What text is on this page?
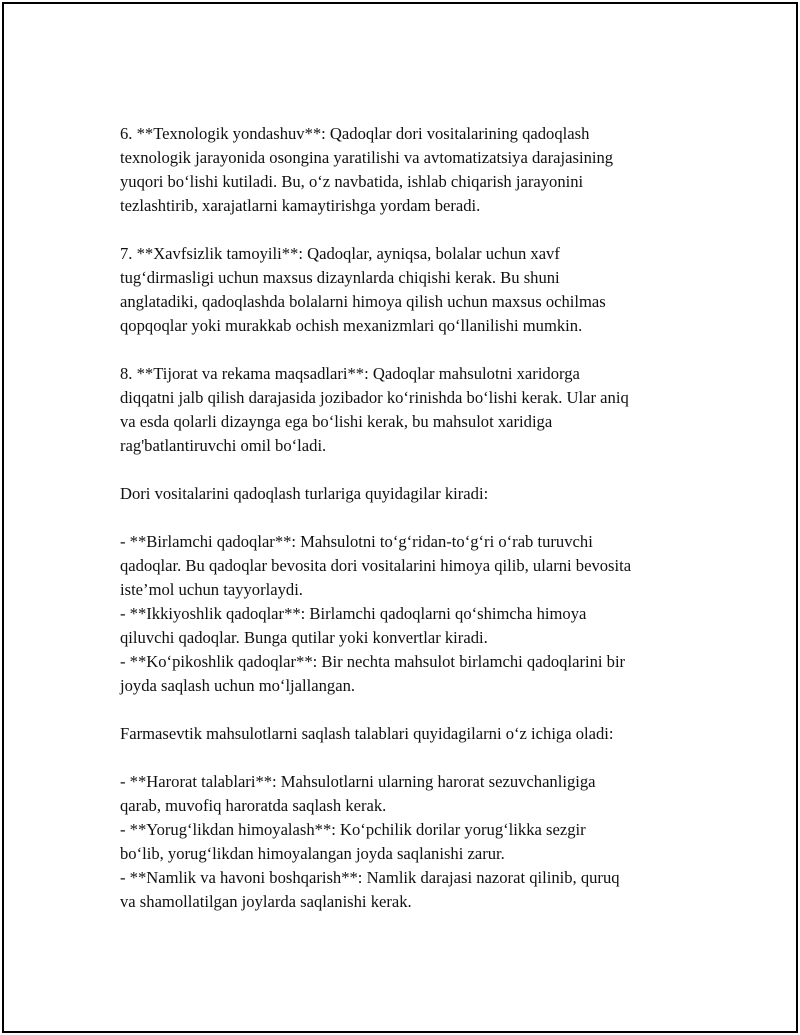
6. **Texnologik yondashuv**: Qadoqlar dori vositalarining qadoqlash
texnologik jarayonida osongina yaratilishi va avtomatizatsiya darajasining
yuqori bo‘lishi kutiladi. Bu, o‘z navbatida, ishlab chiqarish jarayonini
tezlashtirib, xarajatlarni kamaytirishga yordam beradi.
7. **Xavfsizlik tamoyili**: Qadoqlar, ayniqsa, bolalar uchun xavf
tug‘dirmasligi uchun maxsus dizaynlarda chiqishi kerak. Bu shuni
anglatadiki, qadoqlashda bolalarni himoya qilish uchun maxsus ochilmas
qopqoqlar yoki murakkab ochish mexanizmlari qo‘llanilishi mumkin.
8. **Tijorat va rekama maqsadlari**: Qadoqlar mahsulotni xaridorga
diqqatni jalb qilish darajasida jozibador ko‘rinishda bo‘lishi kerak. Ular aniq
va esda qolarli dizaynga ega bo‘lishi kerak, bu mahsulot xaridiga
rag'batlantiruvchi omil bo‘ladi.
Dori vositalarini qadoqlash turlariga quyidagilar kiradi:
- **Birlamchi qadoqlar**: Mahsulotni to‘g‘ridan-to‘g‘ri o‘rab turuvchi
qadoqlar. Bu qadoqlar bevosita dori vositalarini himoya qilib, ularni bevosita
iste’mol uchun tayyorlaydi.
- **Ikkiyoshlik qadoqlar**: Birlamchi qadoqlarni qo‘shimcha himoya
qiluvchi qadoqlar. Bunga qutilar yoki konvertlar kiradi.
- **Ko‘pikoshlik qadoqlar**: Bir nechta mahsulot birlamchi qadoqlarini bir
joyda saqlash uchun mo‘ljallangan.
Farmasevtik mahsulotlarni saqlash talablari quyidagilarni o‘z ichiga oladi:
- **Harorat talablari**: Mahsulotlarni ularning harorat sezuvchanligiga
qarab, muvofiq haroratda saqlash kerak.
- **Yorug‘likdan himoyalash**: Ko‘pchilik dorilar yorug‘likka sezgir
bo‘lib, yorug‘likdan himoyalangan joyda saqlanishi zarur.
- **Namlik va havoni boshqarish**: Namlik darajasi nazorat qilinib, quruq
va shamollatilgan joylarda saqlanishi kerak.
